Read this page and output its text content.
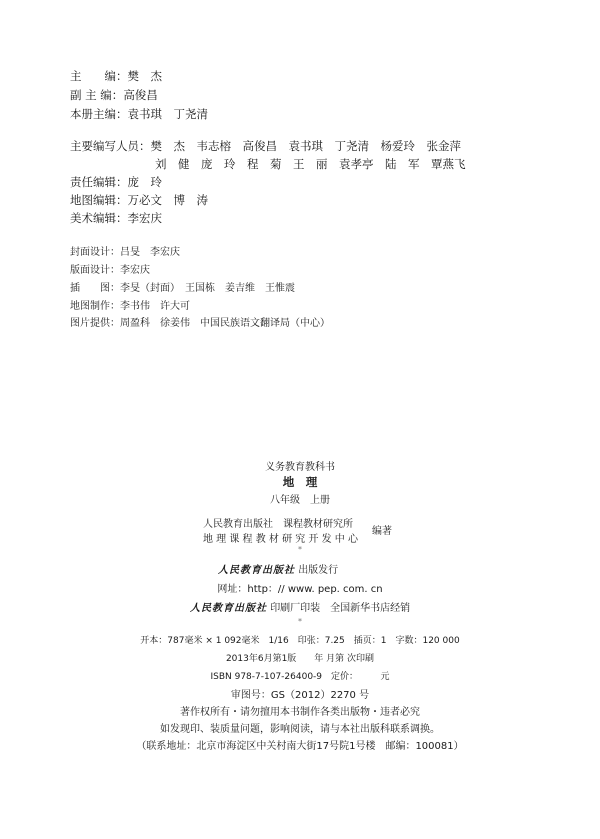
主　　编：樊　杰
副 主 编：高俊昌
本册主编：袁书琪　丁尧清
主要编写人员：樊　杰　韦志榕　高俊昌　袁书琪　丁尧清　杨爱玲　张金萍
刘　健　庞　玲　程　菊　王　丽　袁孝亭　陆　军　覃燕飞
责任编辑：庞　玲
地图编辑：万必文　博　涛
美术编辑：李宏庆
封面设计：吕旻　李宏庆
版面设计：李宏庆
插　　图：李旻（封面）　王国栋　姜吉维　王惟震
地图制作：李书伟　许大可
图片提供：周盈科　徐姜伟　中国民族语文翻译局（中心）
义务教育教科书
地　理
八年级　上册
人民教育出版社　课程教材研究所
地 理 课 程 教 材 研 究 开 发 中 心
编著
*
人民教育出版社 出版发行
网址：http：// www. pep. com. cn
人民教育出版社 印刷厂印装　全国新华书店经销
*
开本：787毫米 × 1 092毫米　1/16　印张：7.25　插页：1　字数：120 000
2013年6月第1版　　年 月第 次印刷
ISBN 978-7-107-26400-9　定价：　　　元
审图号：GS（2012）2270 号
著作权所有・请勿擅用本书制作各类出版物・违者必究
如发现印、装质量问题，影响阅读，请与本社出版科联系调换。
（联系地址：北京市海淀区中关村南大街17号院1号楼　邮编：100081）
